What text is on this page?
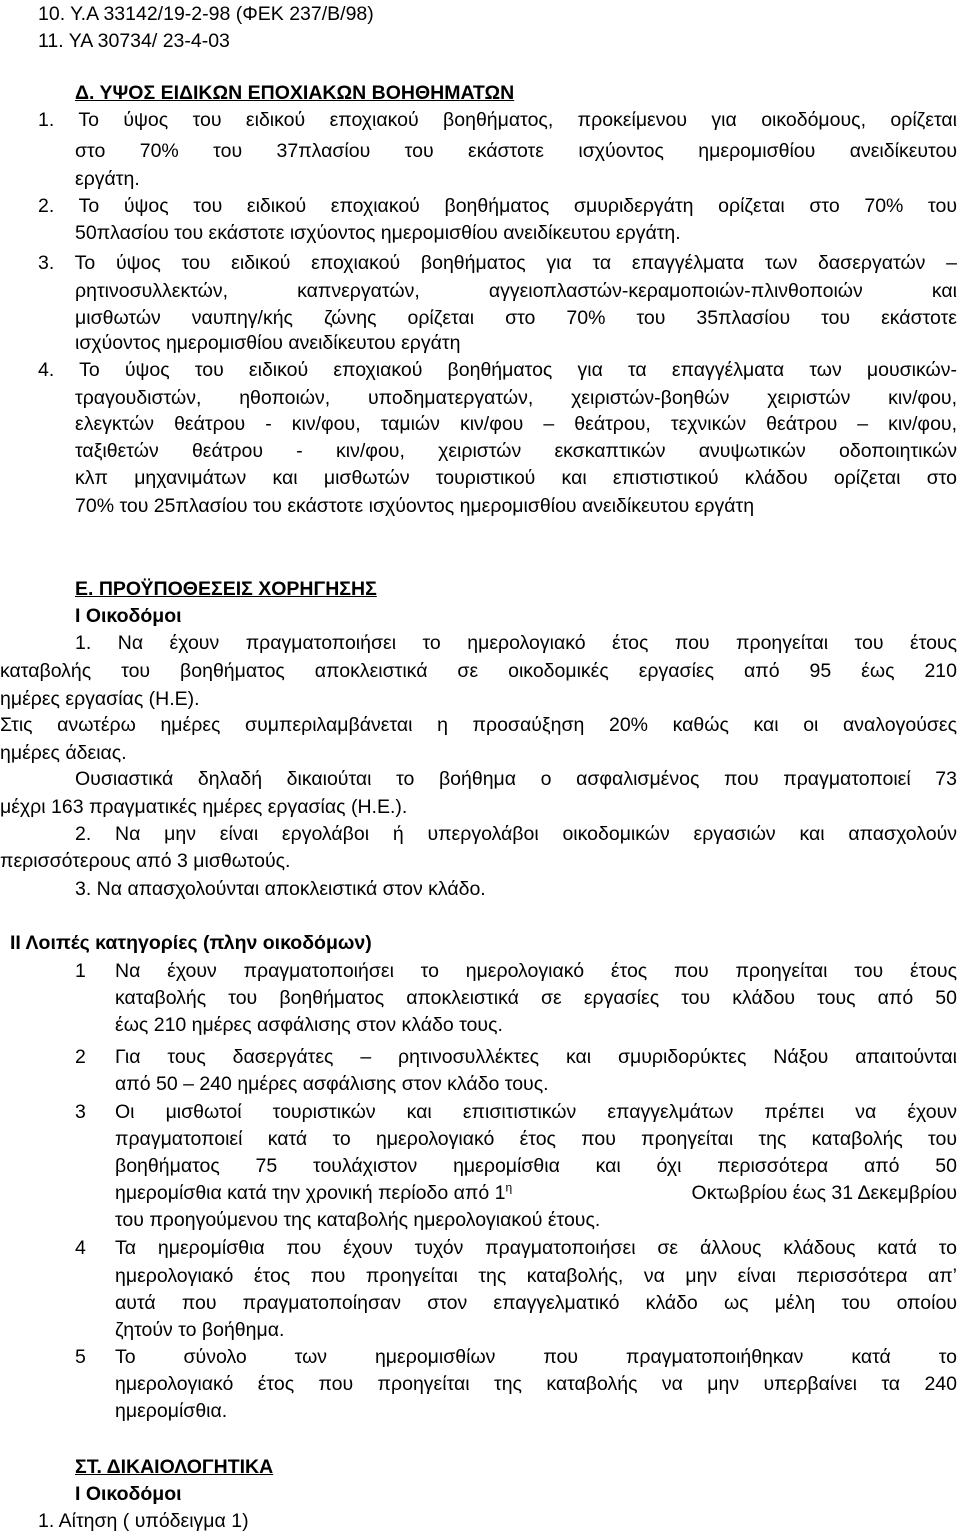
10. Υ.Α 33142/19-2-98 (ΦΕΚ 237/Β/98)
11. ΥΑ 30734/ 23-4-03
Δ. ΥΨΟΣ ΕΙΔΙΚΩΝ ΕΠΟΧΙΑΚΩΝ ΒΟΗΘΗΜΑΤΩΝ
1. Το ύψος του ειδικού εποχιακού βοηθήματος, προκείμενου για οικοδόμους, ορίζεται
στο 70% του 37πλασίου του εκάστοτε ισχύοντος ημερομισθίου ανειδίκευτου
εργάτη.
2. Το ύψος του ειδικού εποχιακού βοηθήματος σμυριδεργάτη ορίζεται στο 70% του
50πλασίου του εκάστοτε ισχύοντος ημερομισθίου ανειδίκευτου εργάτη.
3. Το ύψος του ειδικού εποχιακού βοηθήματος για τα επαγγέλματα των δασεργατών –
ρητινοσυλλεκτών, καπνεργατών, αγγειοπλαστών-κεραμοποιών-πλινθοποιών και
μισθωτών ναυπηγ/κής ζώνης ορίζεται στο 70% του 35πλασίου του εκάστοτε
ισχύοντος ημερομισθίου ανειδίκευτου εργάτη
4. Το ύψος του ειδικού εποχιακού βοηθήματος για τα επαγγέλματα των μουσικών-
τραγουδιστών, ηθοποιών, υποδηματεργατών, χειριστών-βοηθών χειριστών κιν/φου,
ελεγκτών θεάτρου - κιν/φου, ταμιών κιν/φου – θεάτρου, τεχνικών θεάτρου – κιν/φου,
ταξιθετών θεάτρου - κιν/φου, χειριστών εκσκαπτικών ανυψωτικών οδοποιητικών
κλπ μηχανιμάτων και μισθωτών τουριστικού και επιστιστικού κλάδου ορίζεται στο
70% του 25πλασίου του εκάστοτε ισχύοντος ημερομισθίου ανειδίκευτου εργάτη
Ε. ΠΡΟΫΠΟΘΕΣΕΙΣ ΧΟΡΗΓΗΣΗΣ
Ι Οικοδόμοι
1. Να έχουν πραγματοποιήσει το ημερολογιακό έτος που προηγείται του έτους
καταβολής του βοηθήματος αποκλειστικά σε οικοδομικές εργασίες από 95 έως 210
ημέρες εργασίας (Η.Ε).
Στις ανωτέρω ημέρες συμπεριλαμβάνεται η προσαύξηση 20% καθώς και οι αναλογούσες
ημέρες άδειας.
Ουσιαστικά δηλαδή δικαιούται το βοήθημα ο ασφαλισμένος που πραγματοποιεί 73
μέχρι 163 πραγματικές ημέρες εργασίας (Η.Ε.).
2. Να μην είναι εργολάβοι ή υπεργολάβοι οικοδομικών εργασιών και απασχολούν
περισσότερους από 3 μισθωτούς.
3. Να απασχολούνται αποκλειστικά στον κλάδο.
ΙΙ Λοιπές κατηγορίες (πλην οικοδόμων)
1 Να έχουν πραγματοποιήσει το ημερολογιακό έτος που προηγείται του έτους
καταβολής του βοηθήματος αποκλειστικά σε εργασίες του κλάδου τους από 50
έως 210 ημέρες ασφάλισης στον κλάδο τους.
2 Για τους δασεργάτες – ρητινοσυλλέκτες και σμυριδορύκτες Νάξου απαιτούνται
από 50 – 240 ημέρες ασφάλισης στον κλάδο τους.
3 Οι μισθωτοί τουριστικών και επισιτιστικών επαγγελμάτων πρέπει να έχουν
πραγματοποιεί κατά το ημερολογιακό έτος που προηγείται της καταβολής του
βοηθήματος 75 τουλάχιστον ημερομίσθια και όχι περισσότερα από 50
ημερομίσθια κατά την χρονική περίοδο από $1^\eta$	Οκτωβρίου έως 31 Δεκεμβρίου
του προηγούμενου της καταβολής ημερολογιακού έτους.
4 Τα ημερομίσθια που έχουν τυχόν πραγματοποιήσει σε άλλους κλάδους κατά το
ημερολογιακό έτος που προηγείται της καταβολής, να μην είναι περισσότερα απ’
αυτά που πραγματοποίησαν στον επαγγελματικό κλάδο ως μέλη του οποίου
ζητούν το βοήθημα.
5 Το σύνολο των ημερομισθίων που πραγματοποιήθηκαν κατά το
ημερολογιακό έτος που προηγείται της καταβολής να μην υπερβαίνει τα 240
ημερομίσθια.
ΣΤ. ΔΙΚΑΙΟΛΟΓΗΤΙΚΑ
Ι Οικοδόμοι
1. Αίτηση ( υπόδειγμα 1)
